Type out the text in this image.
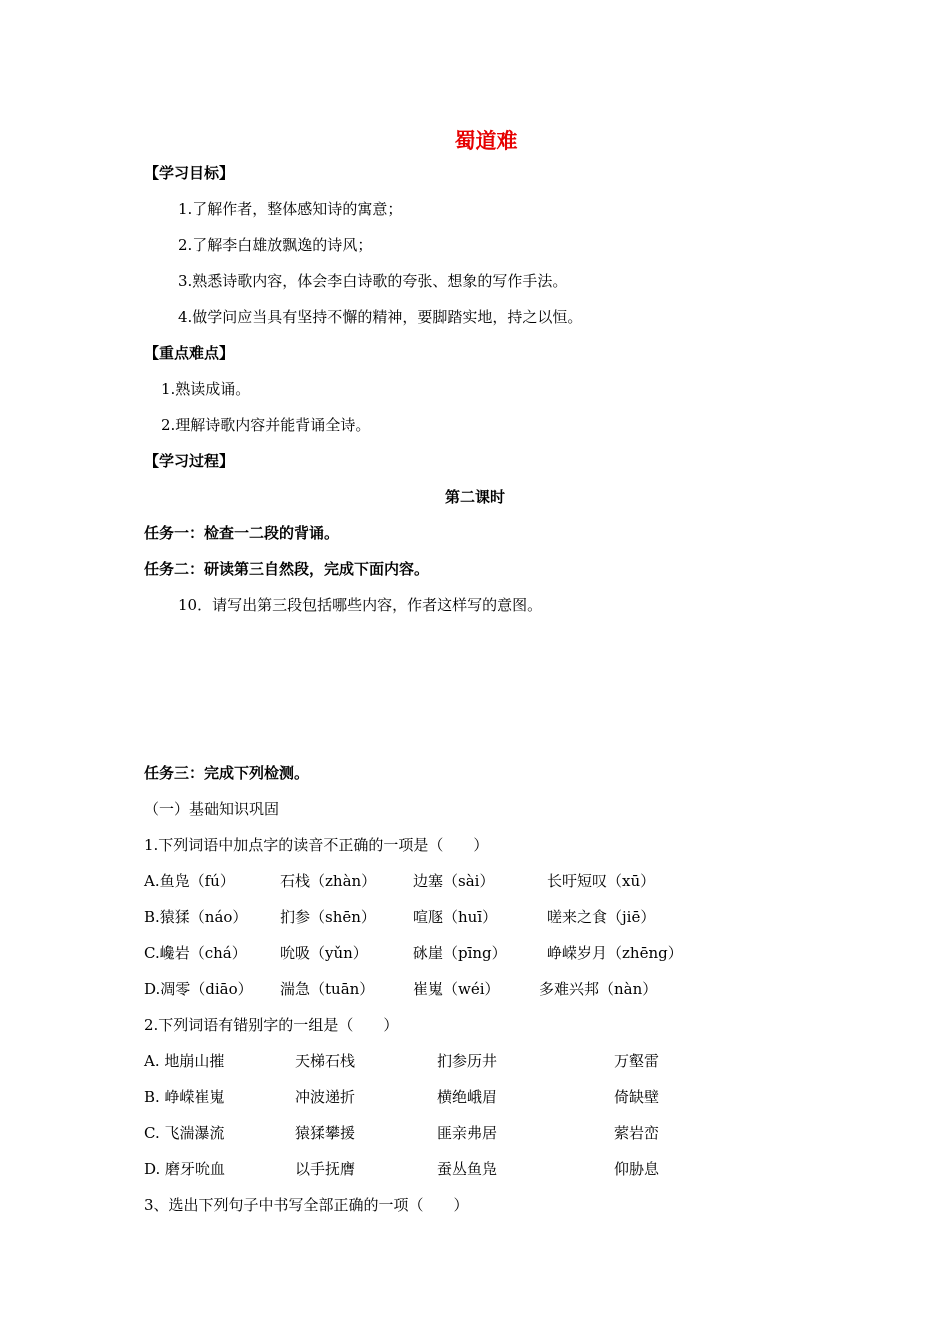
蜀道难
【学习目标】
1.了解作者，整体感知诗的寓意；
2.了解李白雄放飘逸的诗风；
3.熟悉诗歌内容，体会李白诗歌的夸张、想象的写作手法。
4.做学问应当具有坚持不懈的精神，要脚踏实地，持之以恒。
【重点难点】
1.熟读成诵。
2.理解诗歌内容并能背诵全诗。
【学习过程】
第二课时
任务一：检查一二段的背诵。
任务二：研读第三自然段，完成下面内容。
10．请写出第三段包括哪些内容，作者这样写的意图。
任务三：完成下列检测。
（一）基础知识巩固
1.下列词语中加点字的读音不正确的一项是（　　）
A.鱼凫（fú）	石栈（zhàn） 边塞（sài）	长吁短叹（xū）
B.猿猱（náo） 扪参（shēn） 喧豗（huī）	嗟来之食（jiē）
C.巉岩（chá） 吮吸（yǔn）	砯崖（pīng）	峥嵘岁月（zhēng）
D.凋零（diāo） 湍急（tuān）	崔嵬（wéi）	多难兴邦（nàn）
2.下列词语有错别字的一组是（　　）
A. 地崩山摧	天梯石栈	扪参历井	万壑雷
B. 峥嵘崔嵬	冲波递折	横绝峨眉	倚缺壁
C. 飞湍瀑流	猿猱攀援	匪亲弗居	萦岩峦
D. 磨牙吮血	以手抚膺	蚕丛鱼凫	仰胁息
3、选出下列句子中书写全部正确的一项（　　）
